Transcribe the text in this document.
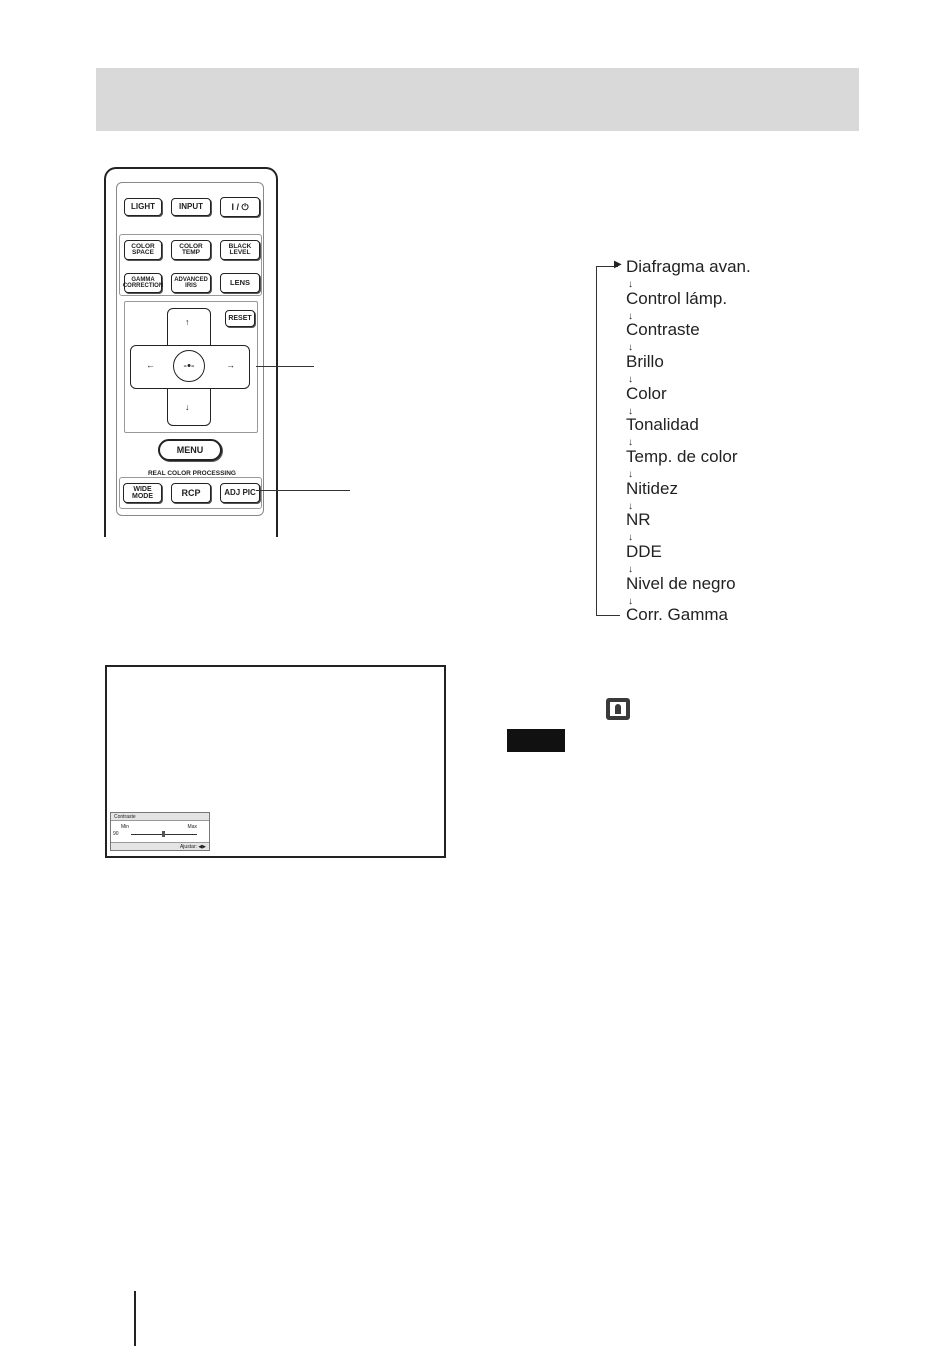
LIGHT	INPUT	I / ⏻
COLOR
SPACE
COLOR
TEMP
BLACK
LEVEL
GAMMA
CORRECTION
ADVANCED
IRIS	LENS
RESET
↑
↓
←	→
-•-
MENU
REAL COLOR PROCESSING
WIDE
MODE	RCP	ADJ PIC
▶ Diafragma avan.
↓
Control lámp.
↓
Contraste
↓
Brillo
↓
Color
↓
Tonalidad
↓
Temp. de color
↓
Nitidez
↓
NR
↓
DDE
↓
Nivel de negro
↓
Corr. Gamma
Contraste
Min	Max
90
Ajustar: ◀▶
